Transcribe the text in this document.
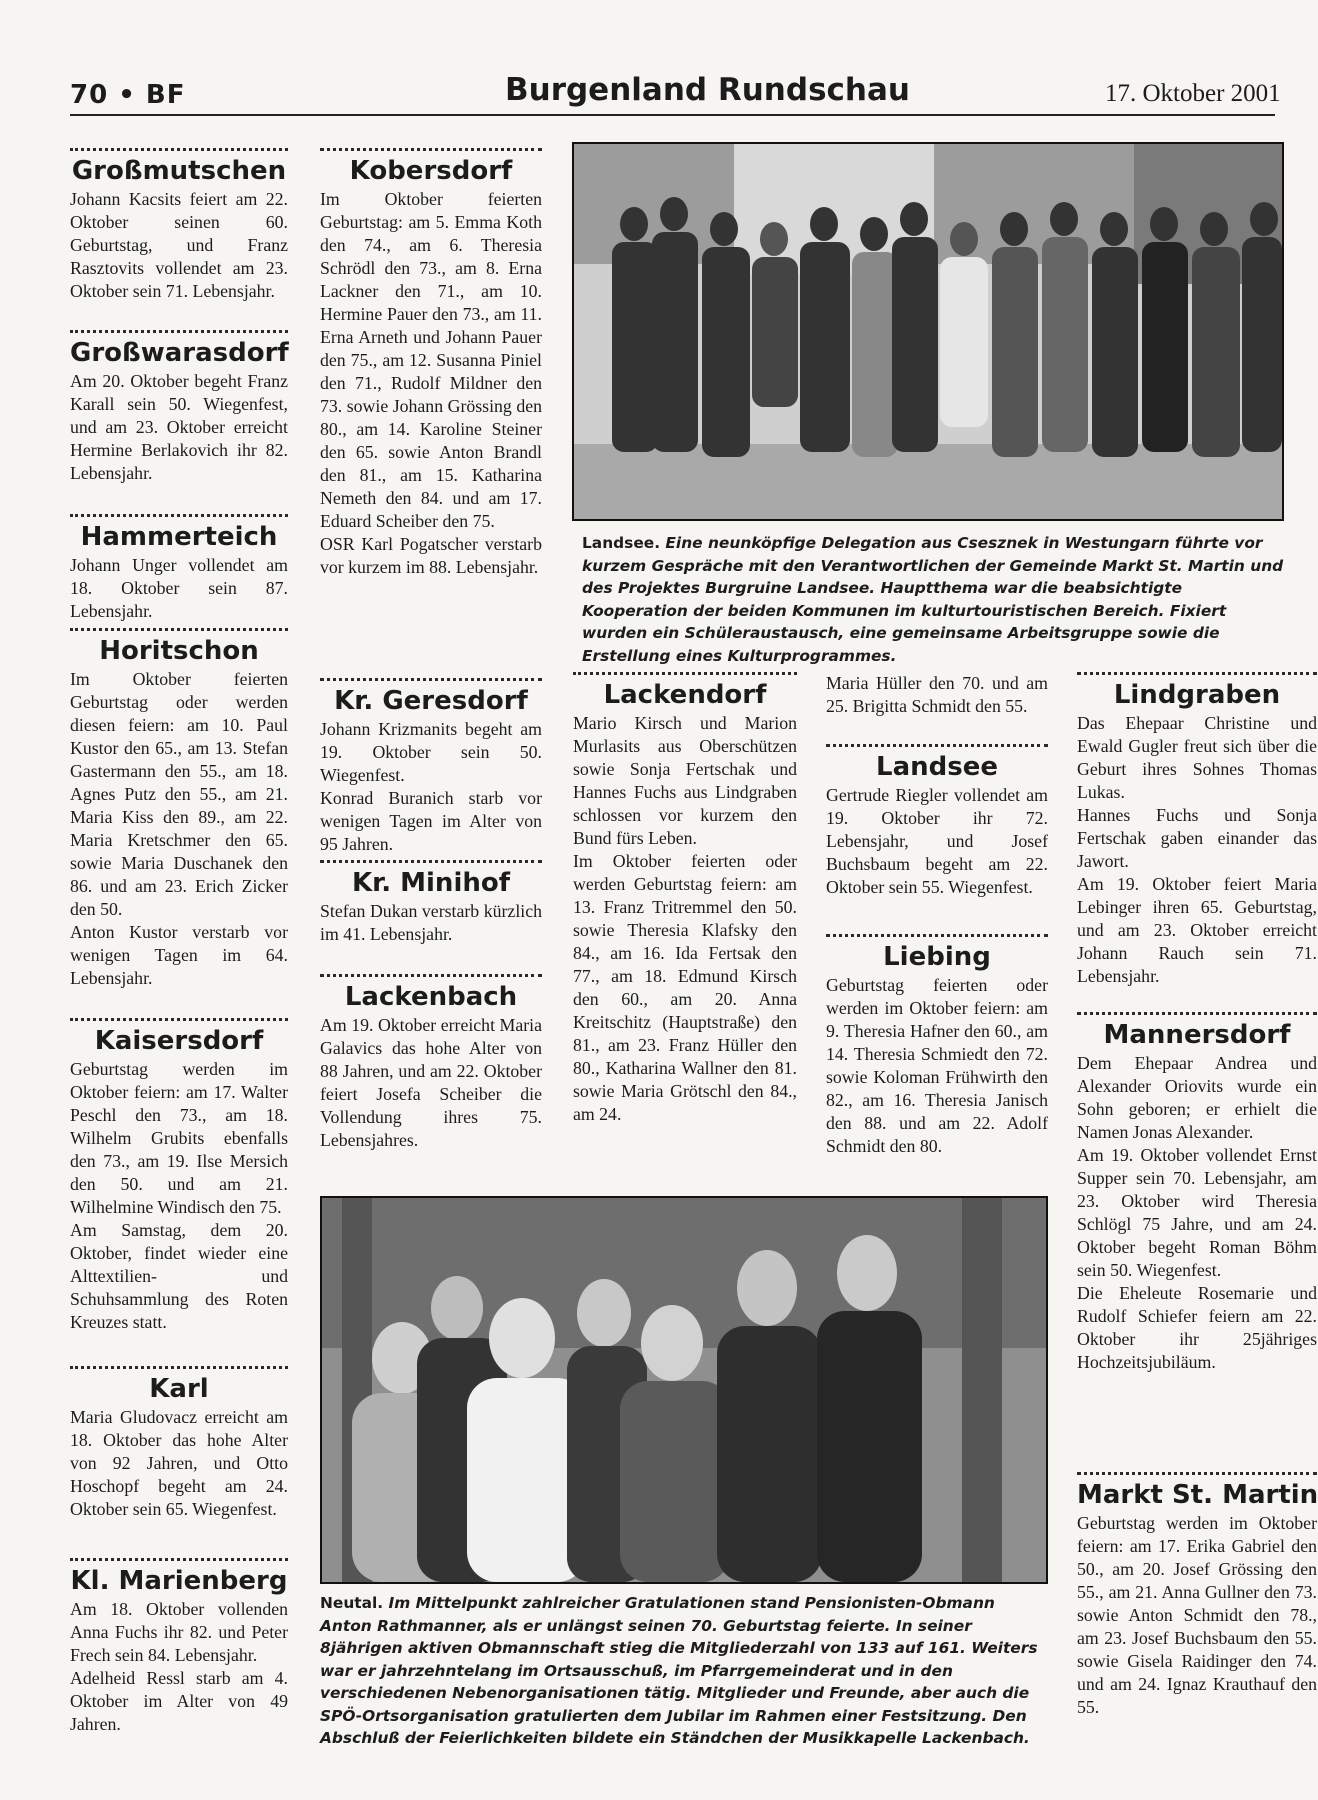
70 • BF	Burgenland Rundschau	17. Oktober 2001
Großmutschen

Johann Kacsits feiert am 22. Oktober seinen 60. Geburtstag, und Franz Rasztovits vollendet am 23. Oktober sein 71. Lebensjahr.

Großwarasdorf

Am 20. Oktober begeht Franz Karall sein 50. Wiegenfest, und am 23. Oktober erreicht Hermine Berlakovich ihr 82. Lebensjahr.

Hammerteich

Johann Unger vollendet am 18. Oktober sein 87. Lebensjahr.

Horitschon

Im Oktober feierten Geburtstag oder werden diesen feiern: am 10. Paul Kustor den 65., am 13. Stefan Gastermann den 55., am 18. Agnes Putz den 55., am 21. Maria Kiss den 89., am 22. Maria Kretschmer den 65. sowie Maria Duschanek den 86. und am 23. Erich Zicker den 50.

Anton Kustor verstarb vor wenigen Tagen im 64. Lebensjahr.

Kaisersdorf

Geburtstag werden im Oktober feiern: am 17. Walter Peschl den 73., am 18. Wilhelm Grubits ebenfalls den 73., am 19. Ilse Mersich den 50. und am 21. Wilhelmine Windisch den 75.

Am Samstag, dem 20. Oktober, findet wieder eine Alttextilien- und Schuhsammlung des Roten Kreuzes statt.

Karl

Maria Gludovacz erreicht am 18. Oktober das hohe Alter von 92 Jahren, und Otto Hoschopf begeht am 24. Oktober sein 65. Wiegenfest.

Kl. Marienberg

Am 18. Oktober vollenden Anna Fuchs ihr 82. und Peter Frech sein 84. Lebensjahr.

Adelheid Ressl starb am 4. Oktober im Alter von 49 Jahren.

Kobersdorf

Im Oktober feierten Geburtstag: am 5. Emma Koth den 74., am 6. Theresia Schrödl den 73., am 8. Erna Lackner den 71., am 10. Hermine Pauer den 73., am 11. Erna Arneth und Johann Pauer den 75., am 12. Susanna Piniel den 71., Rudolf Mildner den 73. sowie Johann Grössing den 80., am 14. Karoline Steiner den 65. sowie Anton Brandl den 81., am 15. Katharina Nemeth den 84. und am 17. Eduard Scheiber den 75.

OSR Karl Pogatscher verstarb vor kurzem im 88. Lebensjahr.

Kr. Geresdorf

Johann Krizmanits begeht am 19. Oktober sein 50. Wiegenfest.

Konrad Buranich starb vor wenigen Tagen im Alter von 95 Jahren.

Kr. Minihof

Stefan Dukan verstarb kürzlich im 41. Lebensjahr.

Lackenbach

Am 19. Oktober erreicht Maria Galavics das hohe Alter von 88 Jahren, und am 22. Oktober feiert Josefa Scheiber die Vollendung ihres 75. Lebensjahres.

Landsee. Eine neunköpfige Delegation aus Csesznek in Westungarn führte vor kurzem Gespräche mit den Verantwortlichen der Gemeinde Markt St. Martin und des Projektes Burgruine Landsee. Hauptthema war die beabsichtigte Kooperation der beiden Kommunen im kulturtouristischen Bereich. Fixiert wurden ein Schüleraustausch, eine gemeinsame Arbeitsgruppe sowie die Erstellung eines Kulturprogrammes.
Lackendorf

Mario Kirsch und Marion Murlasits aus Oberschützen sowie Sonja Fertschak und Hannes Fuchs aus Lindgraben schlossen vor kurzem den Bund fürs Leben.

Im Oktober feierten oder werden Geburtstag feiern: am 13. Franz Tritremmel den 50. sowie Theresia Klafsky den 84., am 16. Ida Fertsak den 77., am 18. Edmund Kirsch den 60., am 20. Anna Kreitschitz (Hauptstraße) den 81., am 23. Franz Hüller den 80., Katharina Wallner den 81. sowie Maria Grötschl den 84., am 24.

Maria Hüller den 70. und am 25. Brigitta Schmidt den 55.

Landsee

Gertrude Riegler vollendet am 19. Oktober ihr 72. Lebensjahr, und Josef Buchsbaum begeht am 22. Oktober sein 55. Wiegenfest.

Liebing

Geburtstag feierten oder werden im Oktober feiern: am 9. Theresia Hafner den 60., am 14. Theresia Schmiedt den 72. sowie Koloman Frühwirth den 82., am 16. Theresia Janisch den 88. und am 22. Adolf Schmidt den 80.

Lindgraben

Das Ehepaar Christine und Ewald Gugler freut sich über die Geburt ihres Sohnes Thomas Lukas.

Hannes Fuchs und Sonja Fertschak gaben einander das Jawort.

Am 19. Oktober feiert Maria Lebinger ihren 65. Geburtstag, und am 23. Oktober erreicht Johann Rauch sein 71. Lebensjahr.

Mannersdorf

Dem Ehepaar Andrea und Alexander Oriovits wurde ein Sohn geboren; er erhielt die Namen Jonas Alexander.

Am 19. Oktober vollendet Ernst Supper sein 70. Lebensjahr, am 23. Oktober wird Theresia Schlögl 75 Jahre, und am 24. Oktober begeht Roman Böhm sein 50. Wiegenfest.

Die Eheleute Rosemarie und Rudolf Schiefer feiern am 22. Oktober ihr 25jähriges Hochzeitsjubiläum.

Markt St. Martin

Geburtstag werden im Oktober feiern: am 17. Erika Gabriel den 50., am 20. Josef Grössing den 55., am 21. Anna Gullner den 73. sowie Anton Schmidt den 78., am 23. Josef Buchsbaum den 55. sowie Gisela Raidinger den 74. und am 24. Ignaz Krauthauf den 55.

Neutal. Im Mittelpunkt zahlreicher Gratulationen stand Pensionisten-Obmann Anton Rathmanner, als er unlängst seinen 70. Geburtstag feierte. In seiner 8jährigen aktiven Obmannschaft stieg die Mitgliederzahl von 133 auf 161. Weiters war er jahrzehntelang im Ortsausschuß, im Pfarrgemeinderat und in den verschiedenen Nebenorganisationen tätig. Mitglieder und Freunde, aber auch die SPÖ-Ortsorganisation gratulierten dem Jubilar im Rahmen einer Festsitzung. Den Abschluß der Feierlichkeiten bildete ein Ständchen der Musikkapelle Lackenbach.
